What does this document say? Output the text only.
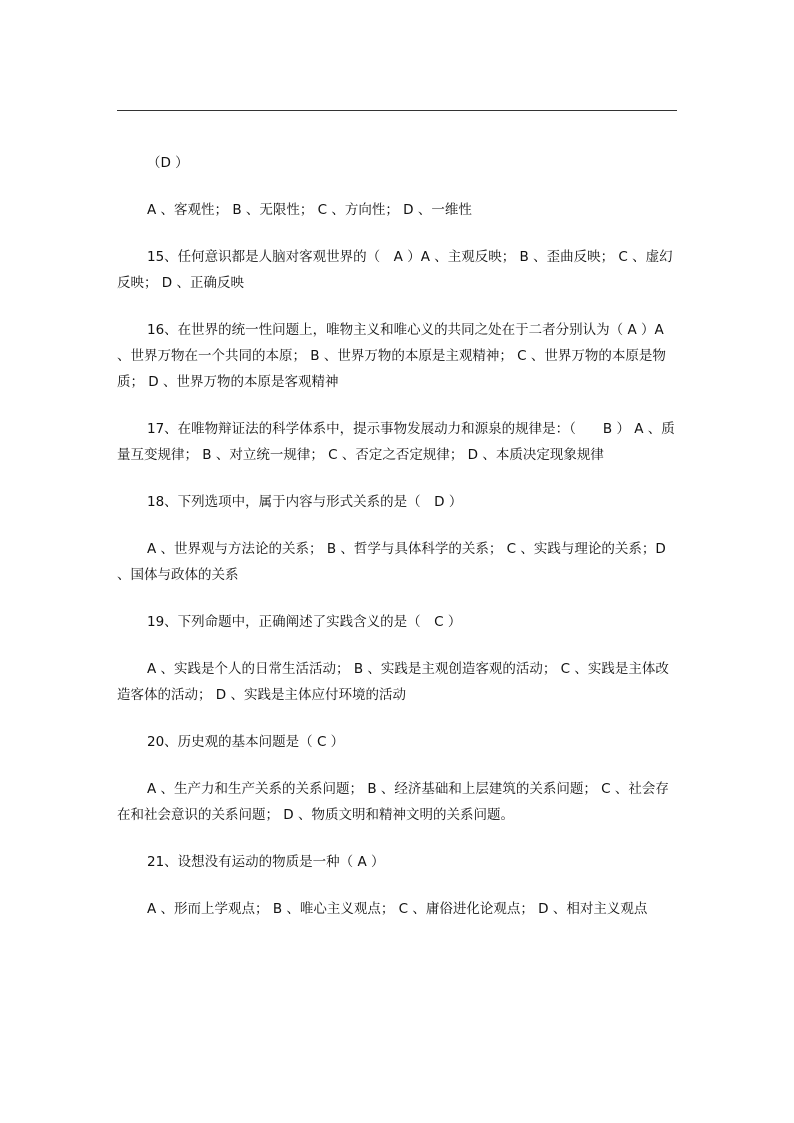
（D ）

A 、客观性； B 、无限性； C 、方向性； D 、一维性

15、任何意识都是人脑对客观世界的（　A ）A 、主观反映； B 、歪曲反映； C 、虚幻反映； D 、正确反映

16、在世界的统一性问题上，唯物主义和唯心义的共同之处在于二者分别认为（ A ）A 、世界万物在一个共同的本原； B 、世界万物的本原是主观精神； C 、世界万物的本原是物质； D 、世界万物的本原是客观精神

17、在唯物辩证法的科学体系中，提示事物发展动力和源泉的规律是：（　　B ） A 、质量互变规律； B 、对立统一规律； C 、否定之否定规律； D 、本质决定现象规律

18、下列选项中，属于内容与形式关系的是（　D ）

A 、世界观与方法论的关系； B 、哲学与具体科学的关系； C 、实践与理论的关系；D 、国体与政体的关系

19、下列命题中，正确阐述了实践含义的是（　C ）

A 、实践是个人的日常生活活动； B 、实践是主观创造客观的活动； C 、实践是主体改造客体的活动； D 、实践是主体应付环境的活动

20、历史观的基本问题是（ C ）

A 、生产力和生产关系的关系问题； B 、经济基础和上层建筑的关系问题； C 、社会存在和社会意识的关系问题； D 、物质文明和精神文明的关系问题。

21、设想没有运动的物质是一种（ A ）

A 、形而上学观点； B 、唯心主义观点； C 、庸俗进化论观点； D 、相对主义观点
